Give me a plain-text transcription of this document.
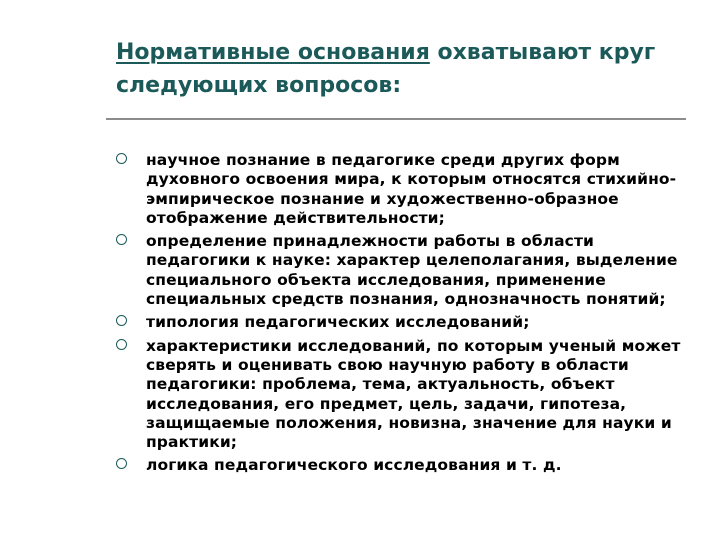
Нормативные основания охватывают круг следующих вопросов:
научное познание в педагогике среди других форм духовного освоения мира, к которым относятся стихийно-эмпирическое познание и художественно-образное отображение действительности;
определение принадлежности работы в области педагогики к науке: характер целеполагания, выделение специального объекта исследования, применение специальных средств познания, однозначность понятий;
типология педагогических исследований;
характеристики исследований, по которым ученый может сверять и оценивать свою научную работу в области педагогики: проблема, тема, актуальность, объект исследования, его предмет, цель, задачи, гипотеза, защищаемые положения, новизна, значение для науки и практики;
логика педагогического исследования и т. д.
